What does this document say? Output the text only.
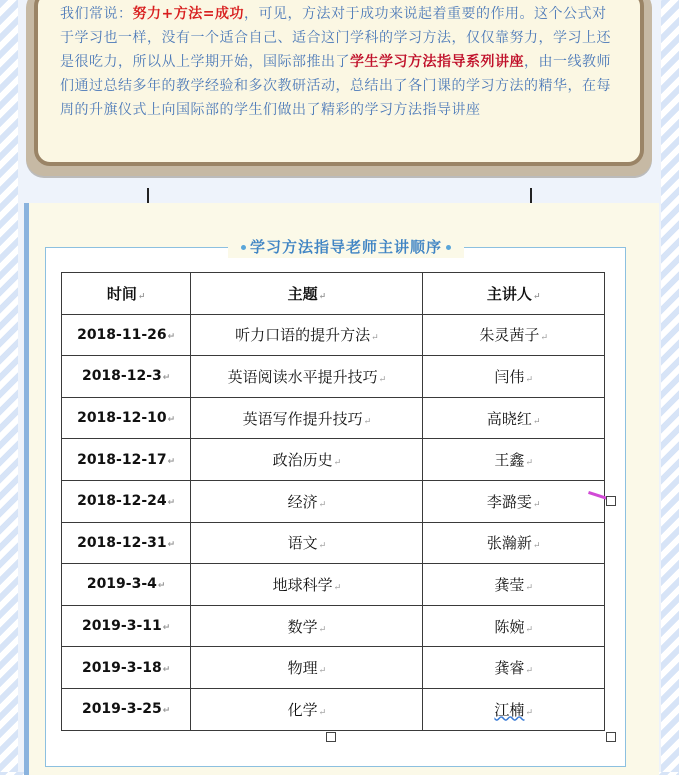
我们常说：努力+方法=成功，可见，方法对于成功来说起着重要的作用。这个公式对于学习也一样，没有一个适合自己、适合这门学科的学习方法，仅仅靠努力，学习上还是很吃力，所以从上学期开始，国际部推出了学生学习方法指导系列讲座，由一线教师们通过总结多年的教学经验和多次教研活动，总结出了各门课的学习方法的精华，在每周的升旗仪式上向国际部的学生们做出了精彩的学习方法指导讲座

学习方法指导老师主讲顺序
时间↵	主题↵	主讲人↵
2018-11-26↵	听力口语的提升方法↵	朱灵茜子↵
2018-12-3↵	英语阅读水平提升技巧↵	闫伟↵
2018-12-10↵	英语写作提升技巧↵	高晓红↵
2018-12-17↵	政治历史↵	王鑫↵
2018-12-24↵	经济↵	李潞雯↵
2018-12-31↵	语文↵	张瀚新↵
2019-3-4↵	地球科学↵	龚莹↵
2019-3-11↵	数学↵	陈婉↵
2019-3-18↵	物理↵	龚睿↵
2019-3-25↵	化学↵	江楠↵
